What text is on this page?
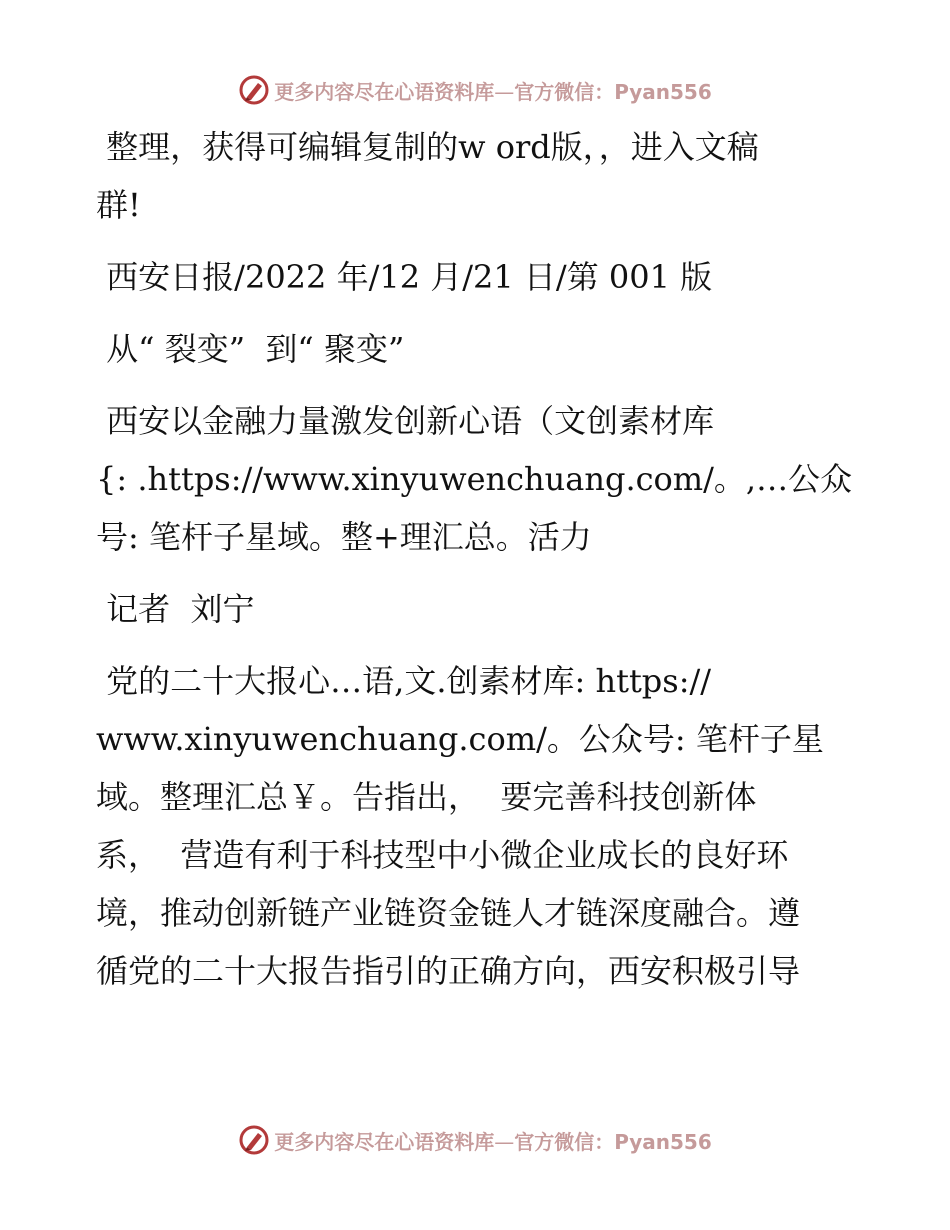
更多内容尽在心语资料库—官方微信：Pyan556

整理，获得可编辑复制的w ord版，，进入文稿

群!

西安日报/2022 年/12 月/21 日/第 001 版

从“ 裂变”  到“ 聚变”

西安以金融力量激发创新心语（文创素材库

{: .https://www.xinyuwenchuang.com/。,…公众

号: 笔杆子星域。整+理汇总。活力

记者  刘宁

党的二十大报心…语,文.创素材库: https://

www.xinyuwenchuang.com/。公众号: 笔杆子星

域。整理汇总￥。告指出，  要完善科技创新体

系，  营造有利于科技型中小微企业成长的良好环

境，推动创新链产业链资金链人才链深度融合。遵

循党的二十大报告指引的正确方向，西安积极引导

更多内容尽在心语资料库—官方微信：Pyan556
